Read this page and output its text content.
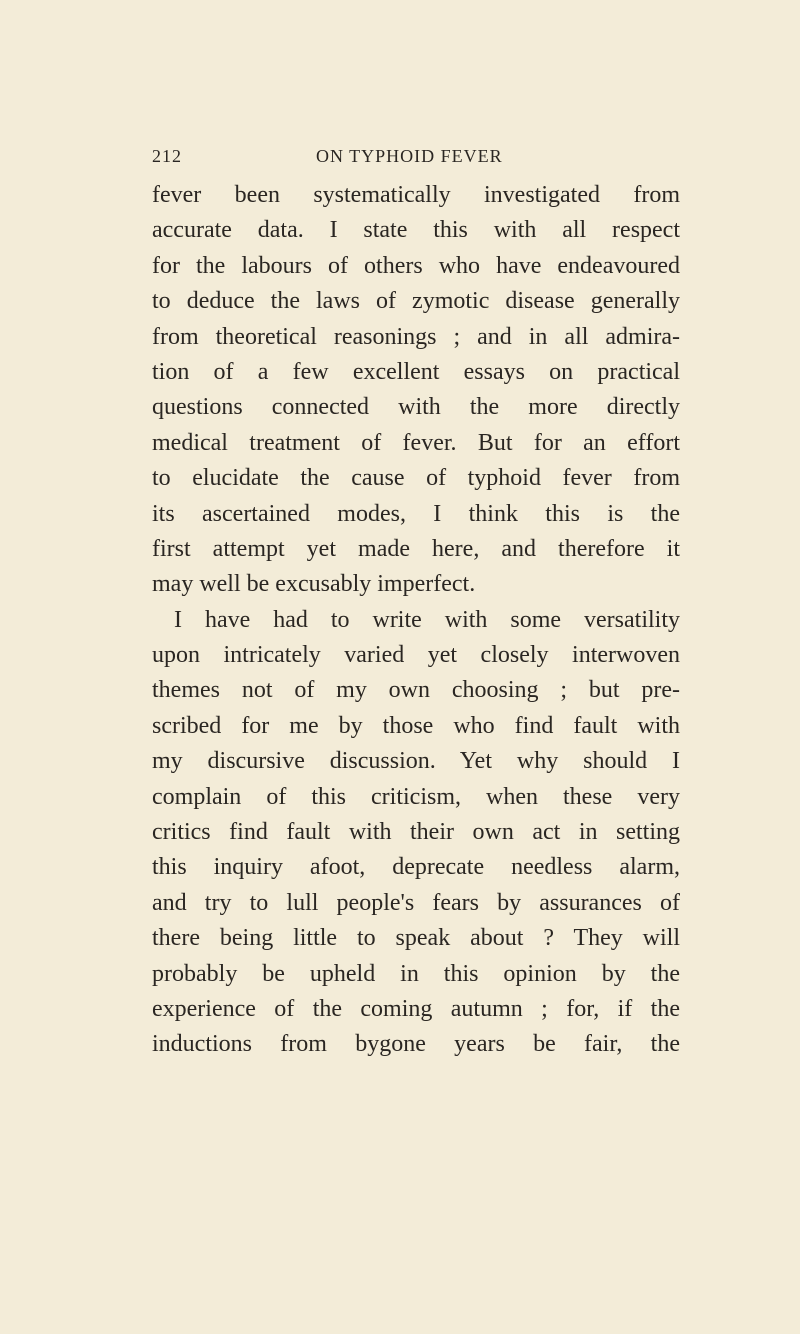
212	ON TYPHOID FEVER
fever been systematically investigated from
accurate data. I state this with all respect
for the labours of others who have endeavoured
to deduce the laws of zymotic disease generally
from theoretical reasonings ; and in all admira-
tion of a few excellent essays on practical
questions connected with the more directly
medical treatment of fever. But for an effort
to elucidate the cause of typhoid fever from
its ascertained modes, I think this is the
first attempt yet made here, and therefore it
may well be excusably imperfect.
I have had to write with some versatility
upon intricately varied yet closely interwoven
themes not of my own choosing ; but pre-
scribed for me by those who find fault with
my discursive discussion. Yet why should I
complain of this criticism, when these very
critics find fault with their own act in setting
this inquiry afoot, deprecate needless alarm,
and try to lull people's fears by assurances of
there being little to speak about ? They will
probably be upheld in this opinion by the
experience of the coming autumn ; for, if the
inductions from bygone years be fair, the
